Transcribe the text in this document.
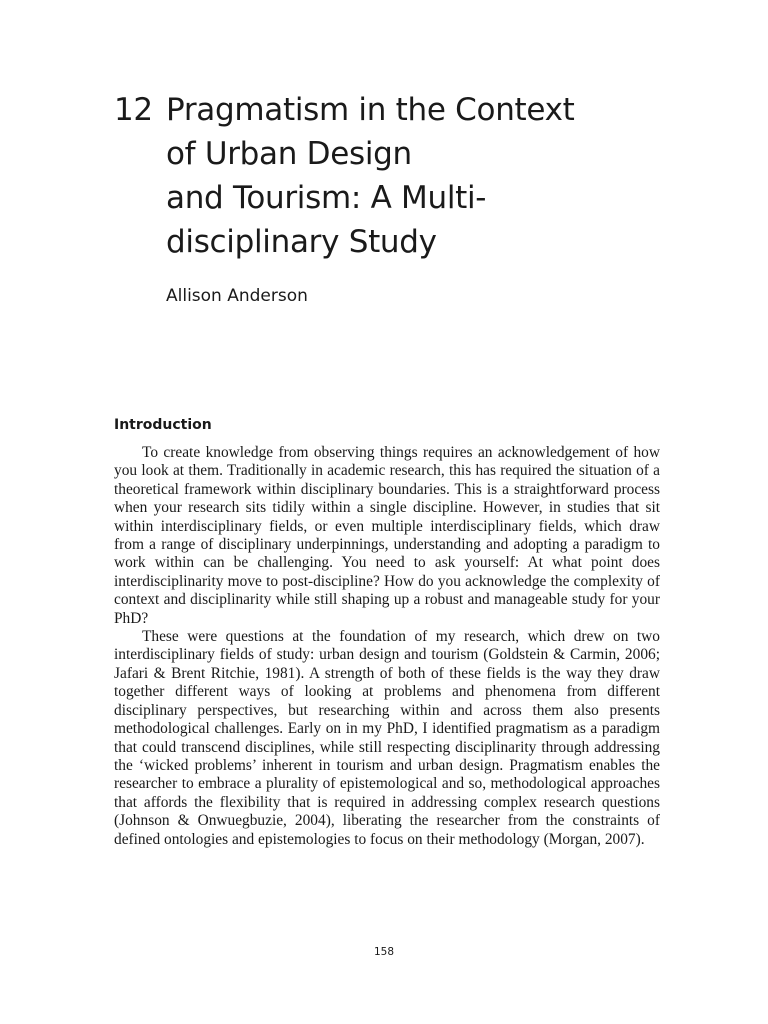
12 Pragmatism in the Context
of Urban Design
and Tourism: A Multi-
disciplinary Study

Allison Anderson

Introduction

To create knowledge from observing things requires an acknowledgement of how you look at them. Traditionally in academic research, this has required the situation of a theoretical framework within disciplinary boundaries. This is a straightforward process when your research sits tidily within a single discipline. However, in studies that sit within interdisciplinary fields, or even multiple interdisciplinary fields, which draw from a range of disciplinary underpinnings, understanding and adopting a paradigm to work within can be challenging. You need to ask yourself: At what point does interdisciplinarity move to post-discipline? How do you acknowledge the complexity of context and disciplinarity while still shaping up a robust and manageable study for your PhD?

These were questions at the foundation of my research, which drew on two interdisciplinary fields of study: urban design and tourism (Goldstein & Carmin, 2006; Jafari & Brent Ritchie, 1981). A strength of both of these fields is the way they draw together different ways of looking at problems and phenomena from different disciplinary perspectives, but researching within and across them also presents methodological challenges. Early on in my PhD, I identified pragmatism as a paradigm that could transcend disciplines, while still respecting disciplinarity through addressing the ‘wicked problems’ inherent in tourism and urban design. Pragmatism enables the researcher to embrace a plurality of epistemological and so, methodological approaches that affords the flexibility that is required in addressing complex research questions (Johnson & Onwuegbuzie, 2004), liberating the researcher from the constraints of defined ontologies and epistemologies to focus on their methodology (Morgan, 2007).

158
